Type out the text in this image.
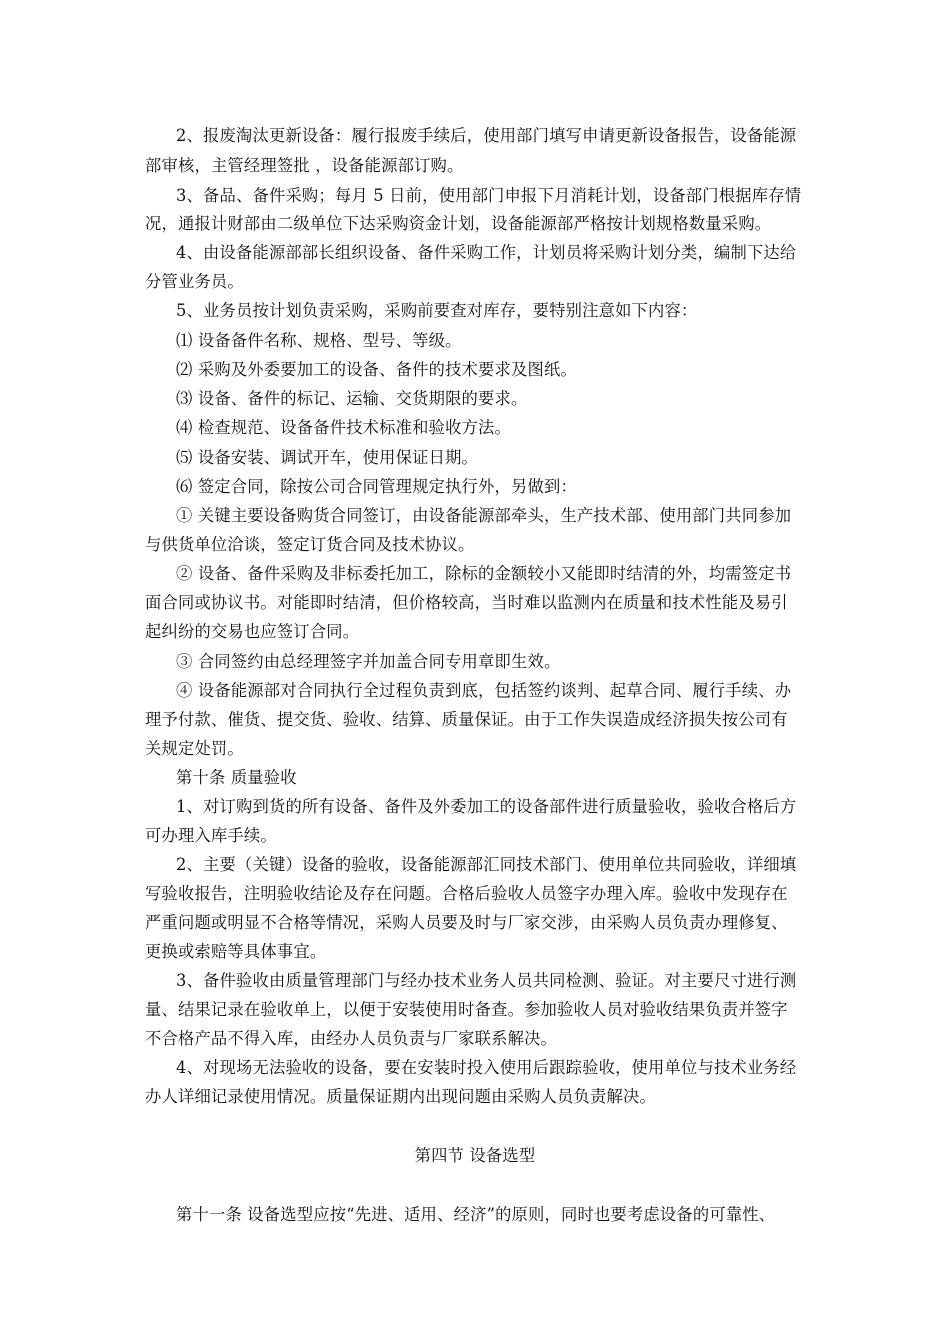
2、报废淘汰更新设备：履行报废手续后，使用部门填写申请更新设备报告，设备能源
部审核，主管经理签批 ，设备能源部订购。
3、备品、备件采购；每月 5 日前，使用部门申报下月消耗计划，设备部门根据库存情
况，通报计财部由二级单位下达采购资金计划，设备能源部严格按计划规格数量采购。
4、由设备能源部部长组织设备、备件采购工作，计划员将采购计划分类，编制下达给
分管业务员。
5、业务员按计划负责采购，采购前要查对库存，要特别注意如下内容：
⑴ 设备备件名称、规格、型号、等级。
⑵ 采购及外委要加工的设备、备件的技术要求及图纸。
⑶ 设备、备件的标记、运输、交货期限的要求。
⑷ 检查规范、设备备件技术标准和验收方法。
⑸ 设备安装、调试开车，使用保证日期。
⑹ 签定合同，除按公司合同管理规定执行外，另做到：
① 关键主要设备购货合同签订，由设备能源部牵头，生产技术部、使用部门共同参加
与供货单位洽谈，签定订货合同及技术协议。
② 设备、备件采购及非标委托加工，除标的金额较小又能即时结清的外，均需签定书
面合同或协议书。对能即时结清，但价格较高，当时难以监测内在质量和技术性能及易引
起纠纷的交易也应签订合同。
③ 合同签约由总经理签字并加盖合同专用章即生效。
④ 设备能源部对合同执行全过程负责到底，包括签约谈判、起草合同、履行手续、办
理予付款、催货、提交货、验收、结算、质量保证。由于工作失误造成经济损失按公司有
关规定处罚。
第十条 质量验收
1、对订购到货的所有设备、备件及外委加工的设备部件进行质量验收，验收合格后方
可办理入库手续。
2、主要（关键）设备的验收，设备能源部汇同技术部门、使用单位共同验收，详细填
写验收报告，注明验收结论及存在问题。合格后验收人员签字办理入库。验收中发现存在
严重问题或明显不合格等情况，采购人员要及时与厂家交涉，由采购人员负责办理修复、
更换或索赔等具体事宜。
3、备件验收由质量管理部门与经办技术业务人员共同检测、验证。对主要尺寸进行测
量、结果记录在验收单上，以便于安装使用时备查。参加验收人员对验收结果负责并签字
不合格产品不得入库，由经办人员负责与厂家联系解决。
4、对现场无法验收的设备，要在安装时投入使用后跟踪验收，使用单位与技术业务经
办人详细记录使用情况。质量保证期内出现问题由采购人员负责解决。
第四节 设备选型
第十一条 设备选型应按“先进、适用、经济”的原则，同时也要考虑设备的可靠性、
